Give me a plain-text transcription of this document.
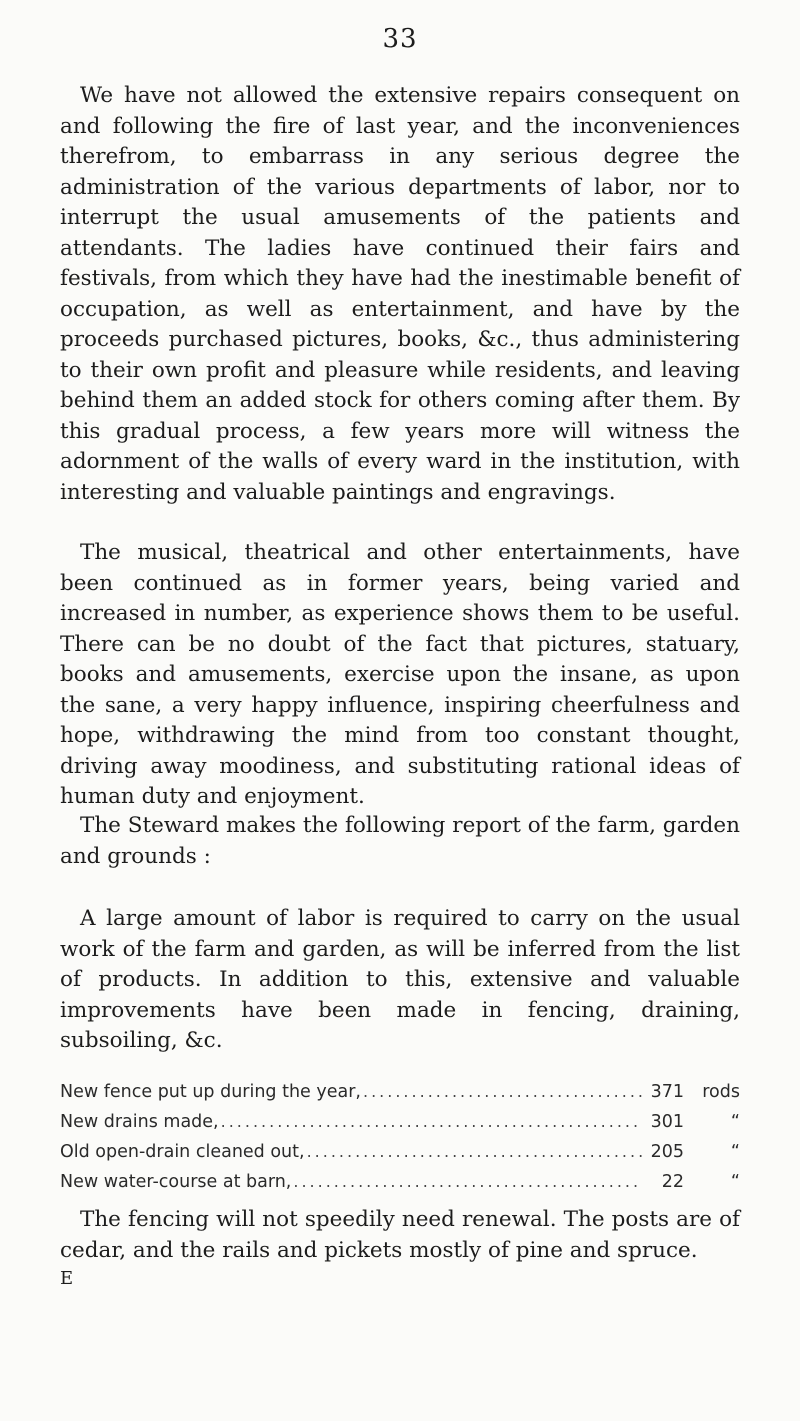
33

We have not allowed the extensive repairs consequent on and following the fire of last year, and the inconveniences therefrom, to embarrass in any serious degree the administration of the various departments of labor, nor to interrupt the usual amusements of the patients and attendants. The ladies have continued their fairs and festivals, from which they have had the inestimable benefit of occupation, as well as entertainment, and have by the proceeds purchased pictures, books, &c., thus administering to their own profit and pleasure while residents, and leaving behind them an added stock for others coming after them. By this gradual process, a few years more will witness the adornment of the walls of every ward in the institution, with interesting and valuable paintings and engravings.

The musical, theatrical and other entertainments, have been continued as in former years, being varied and increased in number, as experience shows them to be useful. There can be no doubt of the fact that pictures, statuary, books and amusements, exercise upon the insane, as upon the sane, a very happy influence, inspiring cheerfulness and hope, withdrawing the mind from too constant thought, driving away moodiness, and substituting rational ideas of human duty and enjoyment.

The Steward makes the following report of the farm, garden and grounds :

A large amount of labor is required to carry on the usual work of the farm and garden, as will be inferred from the list of products. In addition to this, extensive and valuable improvements have been made in fencing, draining, subsoiling, &c.

New fence put up during the year, .....	371	rods
New drains made, .....	301	“
Old open-drain cleaned out, .....	205	“
New water-course at barn, .....	22	“

The fencing will not speedily need renewal. The posts are of cedar, and the rails and pickets mostly of pine and spruce.

E
